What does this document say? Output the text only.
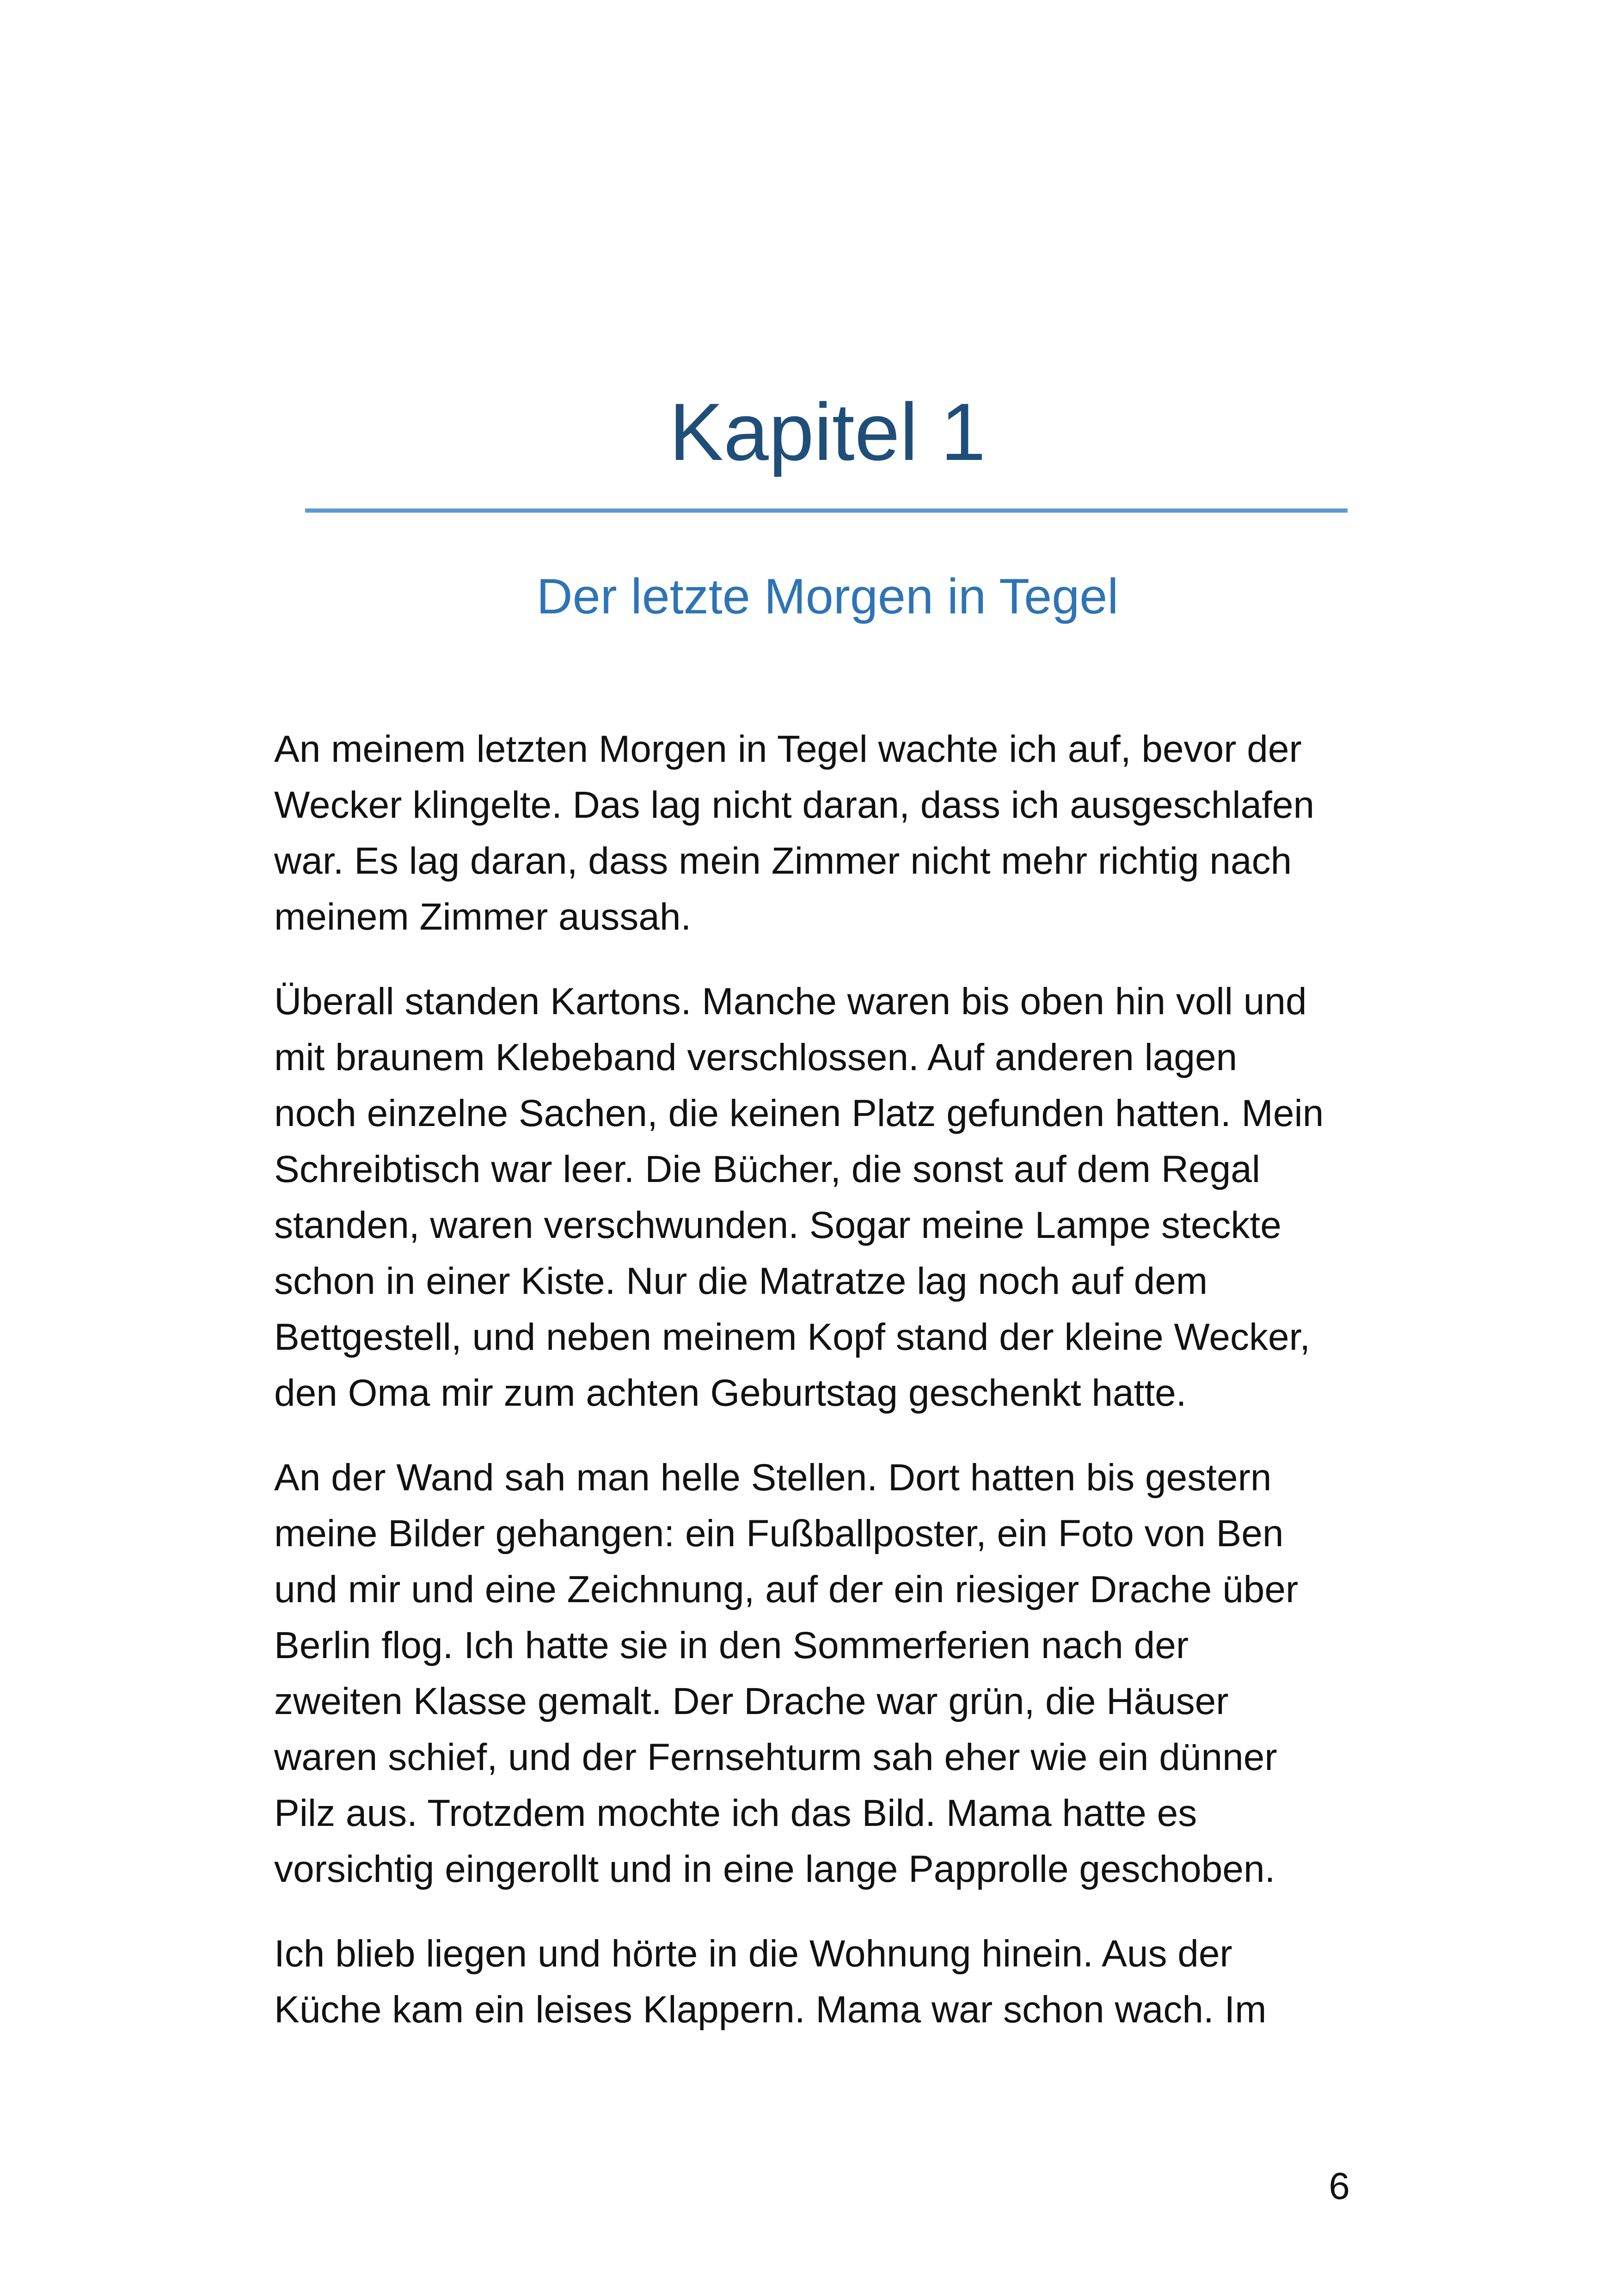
Kapitel 1
Der letzte Morgen in Tegel

An meinem letzten Morgen in Tegel wachte ich auf, bevor der
Wecker klingelte. Das lag nicht daran, dass ich ausgeschlafen
war. Es lag daran, dass mein Zimmer nicht mehr richtig nach
meinem Zimmer aussah.

Überall standen Kartons. Manche waren bis oben hin voll und
mit braunem Klebeband verschlossen. Auf anderen lagen
noch einzelne Sachen, die keinen Platz gefunden hatten. Mein
Schreibtisch war leer. Die Bücher, die sonst auf dem Regal
standen, waren verschwunden. Sogar meine Lampe steckte
schon in einer Kiste. Nur die Matratze lag noch auf dem
Bettgestell, und neben meinem Kopf stand der kleine Wecker,
den Oma mir zum achten Geburtstag geschenkt hatte.

An der Wand sah man helle Stellen. Dort hatten bis gestern
meine Bilder gehangen: ein Fußballposter, ein Foto von Ben
und mir und eine Zeichnung, auf der ein riesiger Drache über
Berlin flog. Ich hatte sie in den Sommerferien nach der
zweiten Klasse gemalt. Der Drache war grün, die Häuser
waren schief, und der Fernsehturm sah eher wie ein dünner
Pilz aus. Trotzdem mochte ich das Bild. Mama hatte es
vorsichtig eingerollt und in eine lange Papprolle geschoben.

Ich blieb liegen und hörte in die Wohnung hinein. Aus der
Küche kam ein leises Klappern. Mama war schon wach. Im

6
